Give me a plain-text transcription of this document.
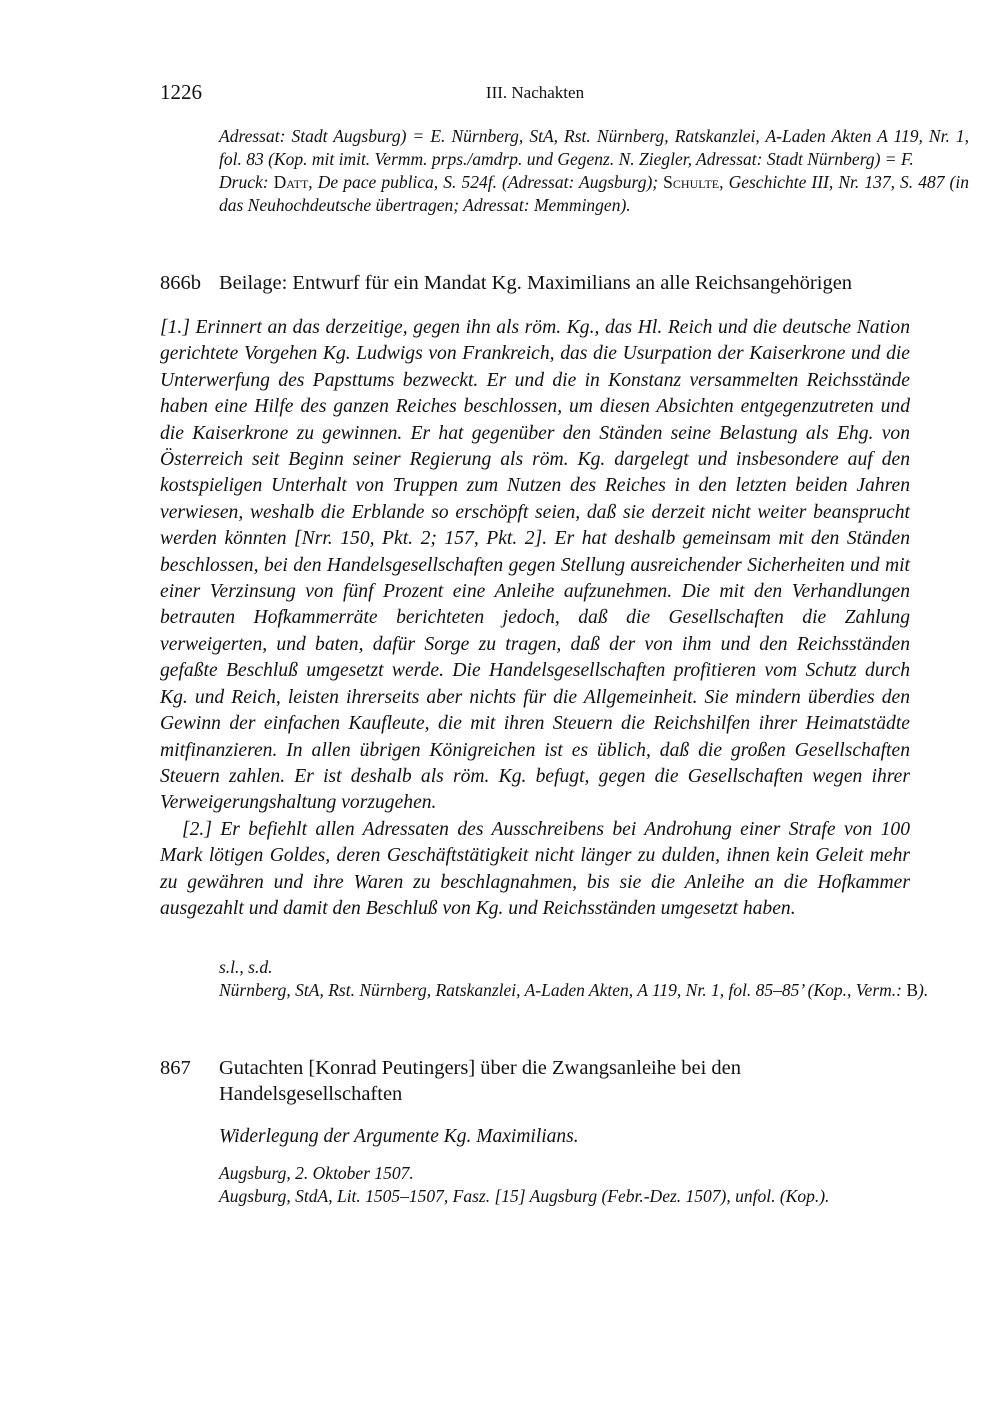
1226	III. Nachakten

Adressat: Stadt Augsburg) = E. Nürnberg, StA, Rst. Nürnberg, Ratskanzlei, A-Laden Akten A 119, Nr. 1, fol. 83 (Kop. mit imit. Vermm. prps./amdrp. und Gegenz. N. Ziegler, Adressat: Stadt Nürnberg) = F.

Druck: Datt, De pace publica, S. 524f. (Adressat: Augsburg); Schulte, Geschichte III, Nr. 137, S. 487 (in das Neuhochdeutsche übertragen; Adressat: Memmingen).

866b Beilage: Entwurf für ein Mandat Kg. Maximilians an alle Reichsangehörigen

[1.] Erinnert an das derzeitige, gegen ihn als röm. Kg., das Hl. Reich und die deutsche Nation gerichtete Vorgehen Kg. Ludwigs von Frankreich, das die Usurpation der Kaiserkrone und die Unterwerfung des Papsttums bezweckt. Er und die in Konstanz versammelten Reichsstände haben eine Hilfe des ganzen Reiches beschlossen, um diesen Absichten entgegenzutreten und die Kaiserkrone zu gewinnen. Er hat gegenüber den Ständen seine Belastung als Ehg. von Österreich seit Beginn seiner Regierung als röm. Kg. dargelegt und insbesondere auf den kostspieligen Unterhalt von Truppen zum Nutzen des Reiches in den letzten beiden Jahren verwiesen, weshalb die Erblande so erschöpft seien, daß sie derzeit nicht weiter beansprucht werden könnten [Nrr. 150, Pkt. 2; 157, Pkt. 2]. Er hat deshalb gemeinsam mit den Ständen beschlossen, bei den Handelsgesellschaften gegen Stellung ausreichender Sicherheiten und mit einer Verzinsung von fünf Prozent eine Anleihe aufzunehmen. Die mit den Verhandlungen betrauten Hofkammerräte berichteten jedoch, daß die Gesellschaften die Zahlung verweigerten, und baten, dafür Sorge zu tragen, daß der von ihm und den Reichsständen gefaßte Beschluß umgesetzt werde. Die Handelsgesellschaften profitieren vom Schutz durch Kg. und Reich, leisten ihrerseits aber nichts für die Allgemeinheit. Sie mindern überdies den Gewinn der einfachen Kaufleute, die mit ihren Steuern die Reichshilfen ihrer Heimatstädte mitfinanzieren. In allen übrigen Königreichen ist es üblich, daß die großen Gesellschaften Steuern zahlen. Er ist deshalb als röm. Kg. befugt, gegen die Gesellschaften wegen ihrer Verweigerungshaltung vorzugehen.

[2.] Er befiehlt allen Adressaten des Ausschreibens bei Androhung einer Strafe von 100 Mark lötigen Goldes, deren Geschäftstätigkeit nicht länger zu dulden, ihnen kein Geleit mehr zu gewähren und ihre Waren zu beschlagnahmen, bis sie die Anleihe an die Hofkammer ausgezahlt und damit den Beschluß von Kg. und Reichsständen umgesetzt haben.

s.l., s.d.

Nürnberg, StA, Rst. Nürnberg, Ratskanzlei, A-Laden Akten, A 119, Nr. 1, fol. 85–85’ (Kop., Verm.: B).

867 Gutachten [Konrad Peutingers] über die Zwangsanleihe bei den Handelsgesellschaften

Widerlegung der Argumente Kg. Maximilians.

Augsburg, 2. Oktober 1507.

Augsburg, StdA, Lit. 1505–1507, Fasz. [15] Augsburg (Febr.-Dez. 1507), unfol. (Kop.).
